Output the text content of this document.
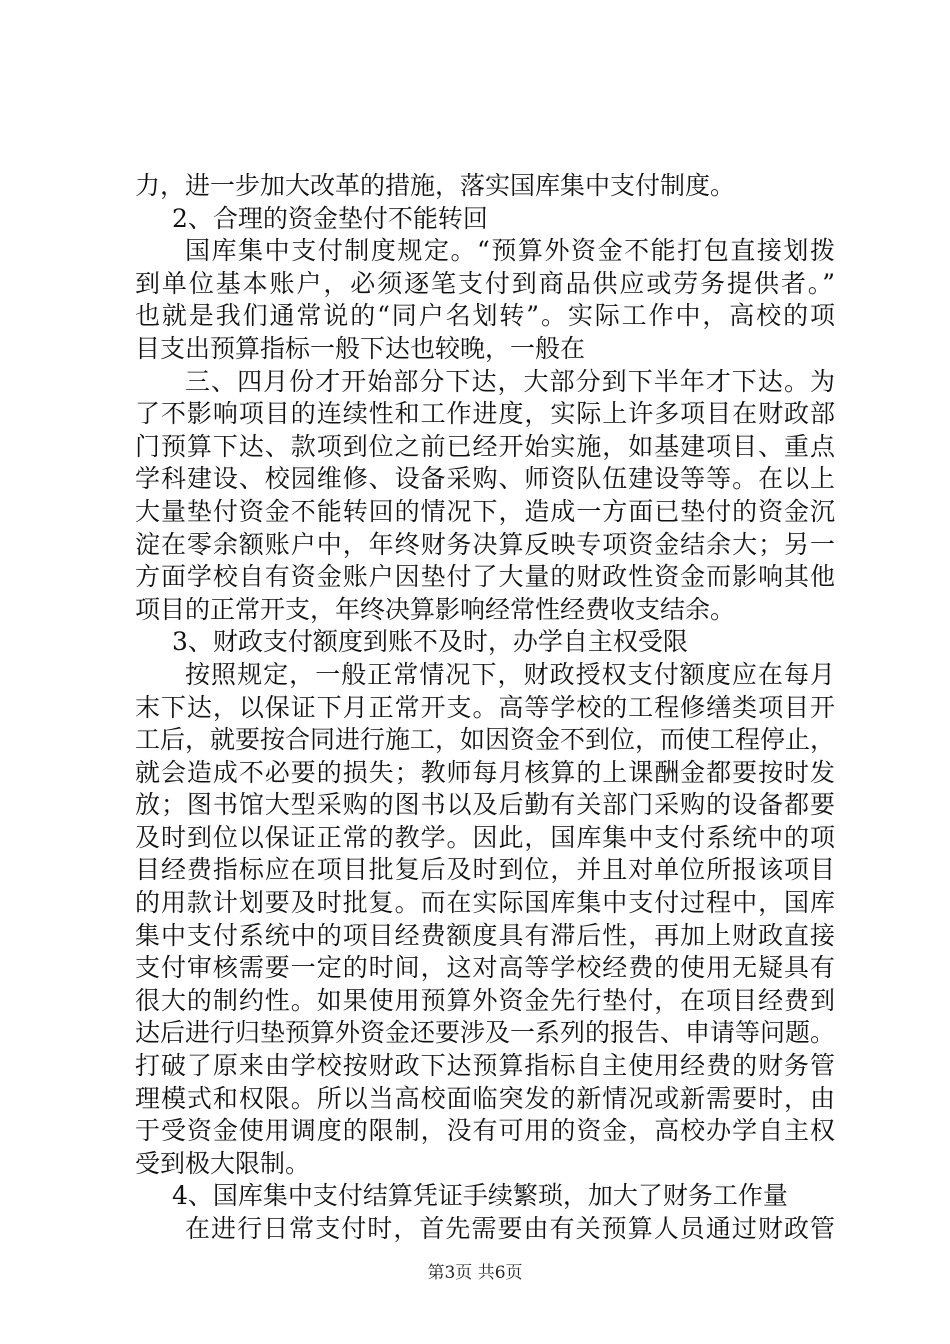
力，进一步加大改革的措施，落实国库集中支付制度。
2、合理的资金垫付不能转回
国库集中支付制度规定。“预算外资金不能打包直接划拨
到单位基本账户，必须逐笔支付到商品供应或劳务提供者。”
也就是我们通常说的“同户名划转”。实际工作中，高校的项
目支出预算指标一般下达也较晚，一般在
三、四月份才开始部分下达，大部分到下半年才下达。为
了不影响项目的连续性和工作进度，实际上许多项目在财政部
门预算下达、款项到位之前已经开始实施，如基建项目、重点
学科建设、校园维修、设备采购、师资队伍建设等等。在以上
大量垫付资金不能转回的情况下，造成一方面已垫付的资金沉
淀在零余额账户中，年终财务决算反映专项资金结余大；另一
方面学校自有资金账户因垫付了大量的财政性资金而影响其他
项目的正常开支，年终决算影响经常性经费收支结余。
3、财政支付额度到账不及时，办学自主权受限
按照规定，一般正常情况下，财政授权支付额度应在每月
末下达，以保证下月正常开支。高等学校的工程修缮类项目开
工后，就要按合同进行施工，如因资金不到位，而使工程停止，
就会造成不必要的损失；教师每月核算的上课酬金都要按时发
放；图书馆大型采购的图书以及后勤有关部门采购的设备都要
及时到位以保证正常的教学。因此，国库集中支付系统中的项
目经费指标应在项目批复后及时到位，并且对单位所报该项目
的用款计划要及时批复。而在实际国库集中支付过程中，国库
集中支付系统中的项目经费额度具有滞后性，再加上财政直接
支付审核需要一定的时间，这对高等学校经费的使用无疑具有
很大的制约性。如果使用预算外资金先行垫付，在项目经费到
达后进行归垫预算外资金还要涉及一系列的报告、申请等问题。
打破了原来由学校按财政下达预算指标自主使用经费的财务管
理模式和权限。所以当高校面临突发的新情况或新需要时，由
于受资金使用调度的限制，没有可用的资金，高校办学自主权
受到极大限制。
4、国库集中支付结算凭证手续繁琐，加大了财务工作量
在进行日常支付时，首先需要由有关预算人员通过财政管
第3页 共6页
